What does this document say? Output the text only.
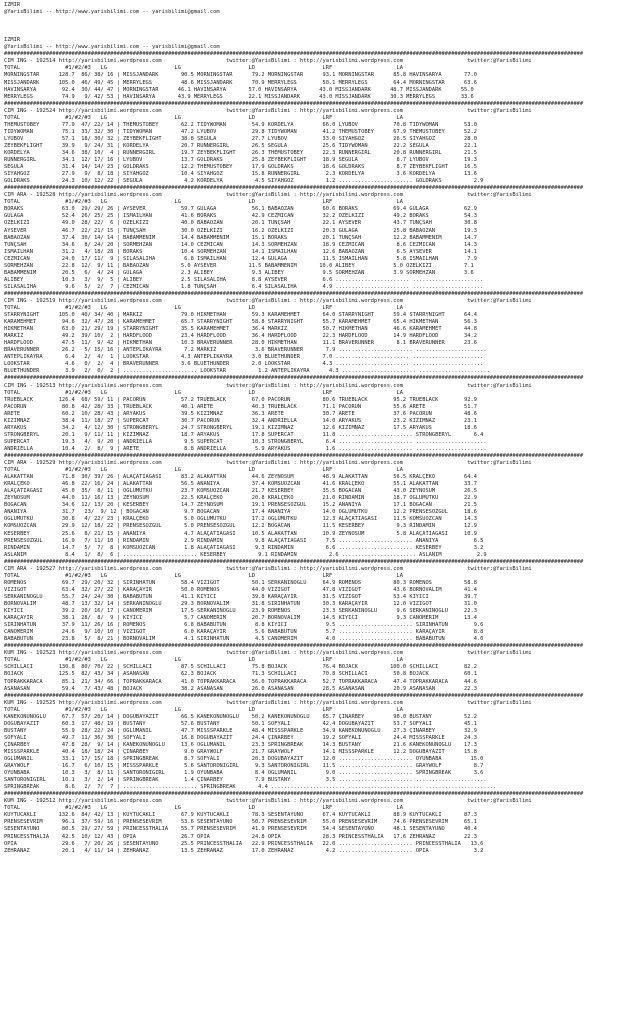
IZMIR
@YarisBilimi -- http://www.yarisbilimi.com -- yarisbilimi@gmail.com
IZMIR
@YarisBilimi -- http://www.yarisbilimi.com -- yarisbilimi@gmail.com
####################################################################################################################################################################################
CIM ING - 192514 http://yarisbilimi.wordpress.com                    twitter:@YarisBilimi : http://yarisbilimi.wordpress.com                    twitter:@YarisBilimi
TOTAL              #1/#2/#3   LG                     LG                     LD                     LRF                    LA
MORNINGSTAR      128.7  86/ 38/ 16 | MISSJANDARK       90.5 MORNINGSTAR      79.2 MORNINGSTAR      93.1 MORNINGSTAR      85.8 HAVINSARYA       77.0
MISSJANDARK      105.0  46/ 49/ 45 | MERRYLEGS         48.6 MISSJANDARK      70.9 MERRYLEGS        50.1 MERRYLEGS        64.4 MORNINGSTAR      63.6
HAVINSARYA        92.4  30/ 44/ 47 | MORNINGSTAR      46.1 HAVINSARYA       57.0 HAVINSARYA       43.0 MISSJANDARK      48.7 MISSJANDARK      55.0
MERRYLEGS         74.9   9/ 42/ 53 | HAVINSARYA       43.9 MERRYLEGS        22.1 MISSJANDARK      43.0 MISSJANDARK      30.3 MERRYLEGS        33.6
####################################################################################################################################################################################
CIM ING - 192524 http://yarisbilimi.wordpress.com                    twitter:@YarisBilimi : http://yarisbilimi.wordpress.com                    twitter:@YarisBilimi
TOTAL              #1/#2/#3   LG                     LG                     LD                     LRF                    LA
THEMUSTOBEY       77.9  47/ 22/ 14 | THEMUSTOBEY       62.2 TIDYWOMAN        54.9 KORDELYA         66.0 LYUBOV           70.8 TIDYWOMAN        53.0
TIDYWOMAN         75.1  33/ 32/ 30 | TIDYWOMAN         47.2 LYUBOV           29.8 TIDYWOMAN        41.2 THEMUSTOBEY      67.9 THEMUSTOBEY      52.2
LYUBOV            57.1  18/ 30/ 32 | ZEYBEKFLIGHT      38.8 SEGULA           27.7 LYUBOV           33.0 SIYAHGÖZ         26.5 SIYAHGÖZ         28.0
ZEYBEKFLIGHT      39.9   9/ 24/ 31 | KORDELYA          20.7 RUNNERGIRL       26.5 SEGULA           25.6 TIDYWOMAN        22.2 SEGULA           22.1
KORDELYA          34.6  38/ 10/  4 | RUNNERGIRL        19.7 ZEYBEKFLIGHT     26.3 THEMUSTOBEY      22.3 RUNNERGIRL       20.8 RUNNERGIRL       21.5
RUNNERGIRL        34.1  12/ 17/ 16 | LYUBOV            13.7 GOLDRAKS         25.8 ZEYBEKFLIGHT     18.9 SEGULA            8.7 LYUBOV           19.3
SEGULA            31.4  14/ 14/ 23 | GOLDRAKS          12.2 THEMUSTOBEY      17.9 GOLDRAKS         18.6 GOLDRAKS          8.7 ZEYBEKFLIGHT     16.5
SIYAHGÖZ          27.9   9/  8/ 18 | SIYAHGÖZ          10.4 SIYAHGÖZ         15.8 RUNNERGIRL        2.3 KORDELYA          3.6 KORDELYA         13.6
GOLDRAKS          24.3  10/ 12/ 22 | SEGULA             4.2 KORDELYA          4.5 SIYAHGÖZ          1.2 ....................... GOLDRAKS          2.9
####################################################################################################################################################################################
CIM ARA - 192528 http://yarisbilimi.wordpress.com                    twitter:@YarisBilimi : http://yarisbilimi.wordpress.com                    twitter:@YarisBilimi
TOTAL              #1/#2/#3   LG                     LG                     LD                     LRF                    LA
BORAKS            63.0  29/ 29/ 26 | AYSEVER           59.7 GÜLAGA           56.1 BABAOZAN         60.6 BORAKS           69.4 GÜLAGA           62.9
GÜLAGA            52.4  26/ 25/ 25 | ISMAILHAN         41.6 BORAKS           42.9 CEZMICAN         32.2 ÖZELKIZI         49.2 BORAKS           54.3
ÖZELKIZI          49.0  28/ 22/  6 | ÖZELKIZI          40.0 BABAOZAN         20.1 TUNÇSAH          22.1 AYSEVER          43.7 TUNÇSAH          30.8
AYSEVER           46.7  22/ 21/ 15 | TUNÇSAH           30.0 ÖZELKIZI         16.2 ÖZELKIZI         20.3 GÜLAGA           25.8 BABAOZAN         19.3
BABAOZAN          37.4  30/ 14/ 14 | BABAMMENIM        14.4 BABAMMENIM       15.1 BORAKS           20.1 TUNÇSAH          12.2 BABAMMENIM       14.7
TUNÇSAH           34.6   8/ 24/ 20 | SÖRMEHZAN         14.0 CEZMICAN         14.3 SÖRMEHZAN        18.9 CEZMICAN          8.6 CEZMICAN         14.3
ISMAILHAN         31.2   4/ 18/ 28 | BORAKS            10.4 SÖRMEHZAN        14.1 ISMAILHAN        12.6 BABAOZAN          6.5 AYSEVER          14.1
CEZMICAN          24.0  17/ 11/  9 | SILASALIHA         6.8 ISMAILHAN        12.4 GÜLAGA           11.5 ISMAILHAN         5.8 ISMAILHAN         7.9
SÖRMEHZAN         22.8  12/  9/ 11 | BABAOZAN          5.0 AYSEVER          11.5 BABAMMENIM       10.0 ALIBEY            5.0 ÖZELKIZI          7.1
BABAMMENIM        20.5   6/  4/ 24 | GÜLAGA            2.3 ALIBEY            9.3 ALIBEY            9.5 SÖRMEHZAN         3.9 SÖRMEHZAN         3.6
ALIBEY            10.3   3/  9/  5 | ALIBEY            2.5 SILASALIHA        8.8 AYSEVER           6.6 ....................... ......................
SILASALIHA         9.6   5/  2/  7 | CEZMICAN          1.8 TUNÇSAH           6.4 SILASALIHA        4.9 ....................... ......................
####################################################################################################################################################################################
CIM ING - 192519 http://yarisbilimi.wordpress.com                    twitter:@YarisBilimi : http://yarisbilimi.wordpress.com                    twitter:@YarisBilimi
TOTAL              #1/#2/#3   LG                     LG                     LD                     LRF                    LA
STARRYNIGHT      105.0  40/ 34/ 40 | MARKIZ            79.0 HIKMETHAN        59.3 KARAMEHMET       64.0 STARRYNIGHT      59.4 STARRYNIGHT      64.4
KARAMEHMET        94.6  32/ 47/ 28 | KARAMEHMET        65.7 STARRYNIGHT      58.8 STARRYNIGHT      55.7 KARAMEHMET       65.4 HIKMETHAN        56.3
HIKMETHAN         63.0  21/ 29/ 19 | STARRYNIGHT       35.5 KARAMEHMET       36.4 MARKIZ           50.7 HIKMETHAN        46.6 KARAMEHMET       44.8
MARKIZ            49.2  39/ 10/  2 | HARDFLOOD         23.4 HARDFLOOD        36.4 HARDFLOOD        22.3 HARDFLOOD        14.9 HARDFLOOD        34.2
HARDFLOOD         47.5  11/  9/ 42 | HIKMETHAN         10.3 BRAVERUNNER      28.0 HIKMETHAN        11.1 BRAVERUNNER       8.1 BRAVERUNNER      23.6
BRAVERUNNER       26.2   5/ 15/ 16 | ANTEPLIKAYRA       7.2 MARKIZ            3.6 BRAVERUNNER       7.9 ....................... ......................
ANTEPLIKAYRA       6.4   2/  4/  1 | LOOKSTAR          4.3 ANTEPLIKAYRA      3.0 BLUETHUNDER       7.0 ....................... ......................
LOOKSTAR           4.6   0/  2/  4 | BRAVERUNNER       3.6 BLUETHUNDER       2.0 LOOKSTAR          4.3 ....................... ......................
BLUETHUNDER        3.9   2/  0/  2 | ....................... LOOKSTAR          1.2 ANTEPLIKAYRA      4.3 ....................... ......................
####################################################################################################################################################################################
CIM ING - 192513 http://yarisbilimi.wordpress.com                    twitter:@YarisBilimi : http://yarisbilimi.wordpress.com                    twitter:@YarisBilimi
TOTAL              #1/#2/#3   LG                     LG                     LD                     LRF                    LA
TRUEBLACK        126.4  68/ 59/ 11 | PACORUN           57.2 TRUEBLACK        67.0 PACORUN          80.6 TRUEBLACK        95.2 TRUEBLACK        92.9
PACORUN           80.8  42/ 28/ 33 | TRUEBLACK         40.1 ARETE            40.3 TRUEBLACK        71.1 PACORUN          55.6 ARETE            51.7
ARETE             60.2  10/ 28/ 43 | ARYAKUS           39.5 KIZIMNAZ         36.3 ARETE            30.7 ARETE            37.6 PACORUN          48.6
KIZIMNAZ          38.4  11/ 18/ 27 | SUPERCAT          30.7 PACORUN          32.4 ANDRIELLA        14.0 ARYAKUS          23.2 KIZIMNAZ         23.1
ARYAKUS           34.2   4/ 12/ 30 | STRONGBERYL       24.7 STRONGBERYL      19.1 KIZIMNAZ         12.6 KIZIMNAZ         17.5 ARYAKUS          18.6
STRONGBERYL       20.1   9/ 11/ 11 | KIZIMNAZ          18.7 ARYAKUS          17.8 SUPERCAT         11.8 ....................... STRONGBERYL       6.4
SUPERCAT          19.3   4/  9/ 20 | ANDRIELLA          9.5 SUPERCAT         10.3 STRONGBERYL       6.4 ....................... ......................
ANDRIELLA         10.4   2/  8/  9 | ARETE              8.8 ANDRIELLA         5.9 ARYAKUS           1.6 ....................... ......................
####################################################################################################################################################################################
CIM ARA - 192529 http://yarisbilimi.wordpress.com                    twitter:@YarisBilimi : http://yarisbilimi.wordpress.com                    twitter:@YarisBilimi
TOTAL              #1/#2/#3   LG                     LG                     LD                     LRF                    LA
ALAKATTAN         71.8  30/ 39/ 26 | ALAÇATIAGASI      83.2 ALAKATTAN        44.6 ZEYNOSUM         48.9 ALAKATTAN        56.5 KRALÇEKO         64.4
KRALÇEKO          46.8  22/ 16/ 24 | ALAKATTAN         56.5 ANANIYA          37.4 KOMSUÖZCAN       41.6 KRALÇEKO         55.1 ALAKATTAN        33.7
ALAÇATIAGASI      45.0  35/  8/ 11 | OGLUMUTKU         23.7 KOMSUÖZCAN       21.7 KESERBEY         35.5 BOGACAN          43.0 ZEYNOSUM         26.5
ZEYNOSUM          44.0  11/ 16/ 13 | ZEYNOSUM          22.5 KRALÇEKO         20.8 KRALÇEKO         21.0 RINDAMIN         18.7 OGLUMUTKU        22.9
BOGACAN           34.6  12/ 13/ 20 | KESERBEY          14.7 ZEYNOSUM         19.1 PRENSESÖZGÜL     15.2 ANANIYA          17.1 BOGACAN          21.5
ANANIYA           31.7   23/  9/ 12 | BOGACAN           9.7 BOGACAN          17.4 ANANIYA          14.0 OGLUMUTKU        12.2 PRENSESÖZGÜL     18.6
OGLUMUTKU         30.8   4/ 22/ 23 | KRALÇEKO           5.0 OGLUMUTKU        17.2 OGLUMUTKU        12.3 ALAÇATIAGASI     11.5 KOMSUÖZCAN       14.3
KOMSUÖZCAN        29.9  12/ 18/ 22 | PRENSESÖZGÜL       5.0 PRENSESÖZGÜL     12.2 BOGACAN          11.5 KESERBEY          9.3 RINDAMIN         12.9
KESERBEY          25.6   8/ 21/ 15 | ANANIYA            4.7 ALAÇATIAGASI     10.5 ALAKATTAN        10.9 ZEYNOSUM          5.8 ALAÇATIAGASI     10.9
PRENSESÖZGÜL      16.9   7/ 11/ 10 | RINDAMIN           2.9 RINDAMIN          9.8 ALAÇATIAGASI      7.5 ....................... ANANIYA           6.5
RINDAMIN          14.7   5/  7/  8 | KOMSUÖZCAN         1.8 ALAÇATIAGASI      9.3 RINDAMIN          6.6 ....................... KESERBEY          3.2
ASLANIM            8.4   1/  8/  6 | ....................... KESERBEY          9.1 RINDAMIN          2.6 ....................... ASLANIM           2.9
####################################################################################################################################################################################
CIM ARA - 192527 http://yarisbilimi.wordpress.com                    twitter:@YarisBilimi : http://yarisbilimi.wordpress.com                    twitter:@YarisBilimi
TOTAL              #1/#2/#3   LG                     LG                     LD                     LRF                    LA
ROMENOS           69.7  29/ 20/ 32 | SIRINHATUN        58.4 VIZIGOT          50.1 SERKANINOGLU     64.9 ROMENOS          80.3 ROMENOS          58.8
VIZIGOT           63.4  32/ 27/ 22 | KARAÇAYIR         50.0 ROMENOS          44.0 VIZIGOT          47.8 VIZIGOT          43.6 BORNOVALIM       41.4
SERKANINOGLU      55.7  24/ 24/ 30 | BABABÜTÜN         41.1 KIYICI           39.8 KARAÇAYIR        31.5 VIZIGOT          53.4 KIYICI           39.7
BORNOVALIM        48.7  13/ 32/ 14 | SERKANINOGLU      29.3 BORNOVALIM       31.8 SIRINHATUN       30.3 KARAÇAYIR        12.0 VIZIGOT          31.0
KIYICI            39.2  20/ 16/ 17 | CANOMERIM         17.5 SERKANINOGLU     23.9 ROMENOS          23.3 SERKANINOGLU      9.6 SERKANINOGLU     22.3
KARAÇAYIR         38.1  28/  8/  9 | KIYICI             5.7 CANOMERIM        20.7 BORNOVALIM       14.5 KIYICI            9.3 CANOMERIM        13.4
SIRINHATUN        37.9  11/ 26/ 16 | ROMENOS            6.8 BABABÜTÜN         8.8 KIYICI            9.5 ....................... SIRINHATUN        9.6
CANOMERIM         24.6   9/ 10/ 10 | VIZIGOT            6.0 KARAÇAYIR         5.6 BABABÜTÜN         5.7 ....................... KARAÇAYIR         8.8
BABABÜTÜN         23.8   5/  8/ 21 | BORNOVALIM         4.1 SIRINHATUN        4.5 CANOMERIM         4.0 ....................... BABABÜTÜN         4.0
####################################################################################################################################################################################
KUM ING - 192523 http://yarisbilimi.wordpress.com                    twitter:@YarisBilimi : http://yarisbilimi.wordpress.com                    twitter:@YarisBilimi
TOTAL              #1/#2/#3   LG                     LG                     LD                     LRF                    LA
SCHILLACI        130.8  80/ 70/ 22 | SCHILLACI         87.5 SCHILLACI        75.8 BOJACK           76.4 BOJACK          100.0 SCHILLACI        82.2
BOJACK           125.5  82/ 43/ 34 | ASANASAN          62.3 BOJACK           71.3 SCHILLACI        70.8 SCHILLACI        50.8 BOJACK           60.1
TOPRAKKARACA      85.1  21/ 34/ 66 | TOPRAKKARACA      41.0 TOPRAKKARACA     56.0 TOPRAKKARACA     52.7 TOPRAKKARACA     47.4 TOPRAKKARACA     44.6
ASANASAN          59.4   7/ 43/ 48 | BOJACK            38.2 ASANASAN         26.0 ASANASAN         28.5 ASANASAN         20.9 ASANASAN         22.3
####################################################################################################################################################################################
KUM ING - 192525 http://yarisbilimi.wordpress.com                    twitter:@YarisBilimi : http://yarisbilimi.wordpress.com                    twitter:@YarisBilimi
TOTAL              #1/#2/#3   LG                     LG                     LD                     LRF                    LA
KANEKONUNOGLU     67.7  57/ 20/ 14 | DOGUBAYAZIT       66.5 KANEKONUNOGLU    50.2 KANEKONUNOGLU    65.7 ÇINARBEY         90.0 BUSTANY          52.2
DOGUBAYAZIT       60.3  17/ 48/ 19 | BUSTANY           57.6 BUSTANY          50.1 SOFYALI          42.4 DOGUBAYAZIT      53.7 SOFYALI          45.1
BUSTANY           55.9  28/ 22/ 24 | OGLUMANIL         47.7 MISSSPARKLE      48.4 MISSSPARKLE      34.9 KANEKONUNOGLU    27.3 ÇINARBEY         32.9
SOFYALI           49.7  11/ 36/ 30 | SOFYALI           16.8 DOGUBAYAZIT      24.4 ÇINARBEY         19.2 SOFYALI          24.4 MISSSPARKLE      24.3
ÇINARBEY          47.8  28/  9/ 14 | KANEKONUNOGLU     13.6 OGLUMANIL        23.3 SPRINGBREAK      14.3 BUSTANY          21.6 KANEKONUNOGLU    17.3
MISSSPARKLE       40.4  18/ 18/ 24 | ÇINARBEY           9.0 GRAYWOLF         21.7 GRAYWOLF         14.1 MISSSPARKLE      12.2 DOGUBAYAZIT      15.8
OGLUMANIL         33.1  17/ 15/ 18 | SPRINGBREAK        8.7 SOFYALI          20.3 DOGUBAYAZIT      12.0 ....................... OYUNBABA         15.0
GRAYWOLF          16.7   6/ 10/ 15 | MISSSPARKLE        5.6 SANTORONIGIRL     9.3 SANTORONIGIRL    11.5 ....................... GRAYWOLF          8.7
OYUNBABA          10.3   3/  8/ 11 | SANTORONIGIRL      1.9 OYUNBABA          8.4 OGLUMANIL         9.0 ....................... SPRINGBREAK       3.6
SANTORONIGIRL     10.1   3/  2/ 14 | SPRINGBREAK        1.4 ÇINARBEY          7.9 BUSTANY           3.5 ....................... ......................
SPRINGBREAK        8.6   2/  7/  7 | ....................... SPRINGBREAK       4.4 ....................... ....................... ......................
####################################################################################################################################################################################
KUM ING - 192512 http://yarisbilimi.wordpress.com                    twitter:@YarisBilimi : http://yarisbilimi.wordpress.com                    twitter:@YarisBilimi
TOTAL              #1/#2/#3   LG                     LG                     LD                     LRF                    LA
KUYTUCAKLI       132.6  84/ 42/ 13 | KUYTUCAKLI        67.9 KUYTUCAKLI       78.3 SESENTAYUNO      67.4 KUYTUCAKLI       88.9 KUYTUCAKLI       87.3
PRENSESEVRIM      96.1  37/ 59/ 16 | PRENSESEVRIM      53.6 SESENTAYUNO      50.7 PRENSESEVRIM     55.0 PRENSESEVRIM     74.6 PRENSESEVRIM     65.1
SESENTAYUNO       80.5  29/ 27/ 59 | PRINCESSTHALIA    55.7 PRENSESEVRIM     41.9 PRENSESEVRIM     54.4 SESENTAYUNO      48.1 SESENTAYUNO      40.4
PRINCESSTHALIA    42.5  10/ 12/ 43 | OPIA              26.7 OPIA             24.8 OPIA             28.3 PRINCESSTHALIA   17.6 ZEHRANAZ         22.3
OPIA              29.6   7/ 20/ 26 | SESENTAYUNO       25.5 PRINCESSTHALIA   22.9 PRINCESSTHALIA   22.0 ....................... PRINCESSTHALIA   13.6
ZEHRANAZ          20.1   4/ 11/ 14 | ZEHRANAZ          13.5 ZEHRANAZ         17.0 ZEHRANAZ          4.2 ....................... OPIA              3.2
